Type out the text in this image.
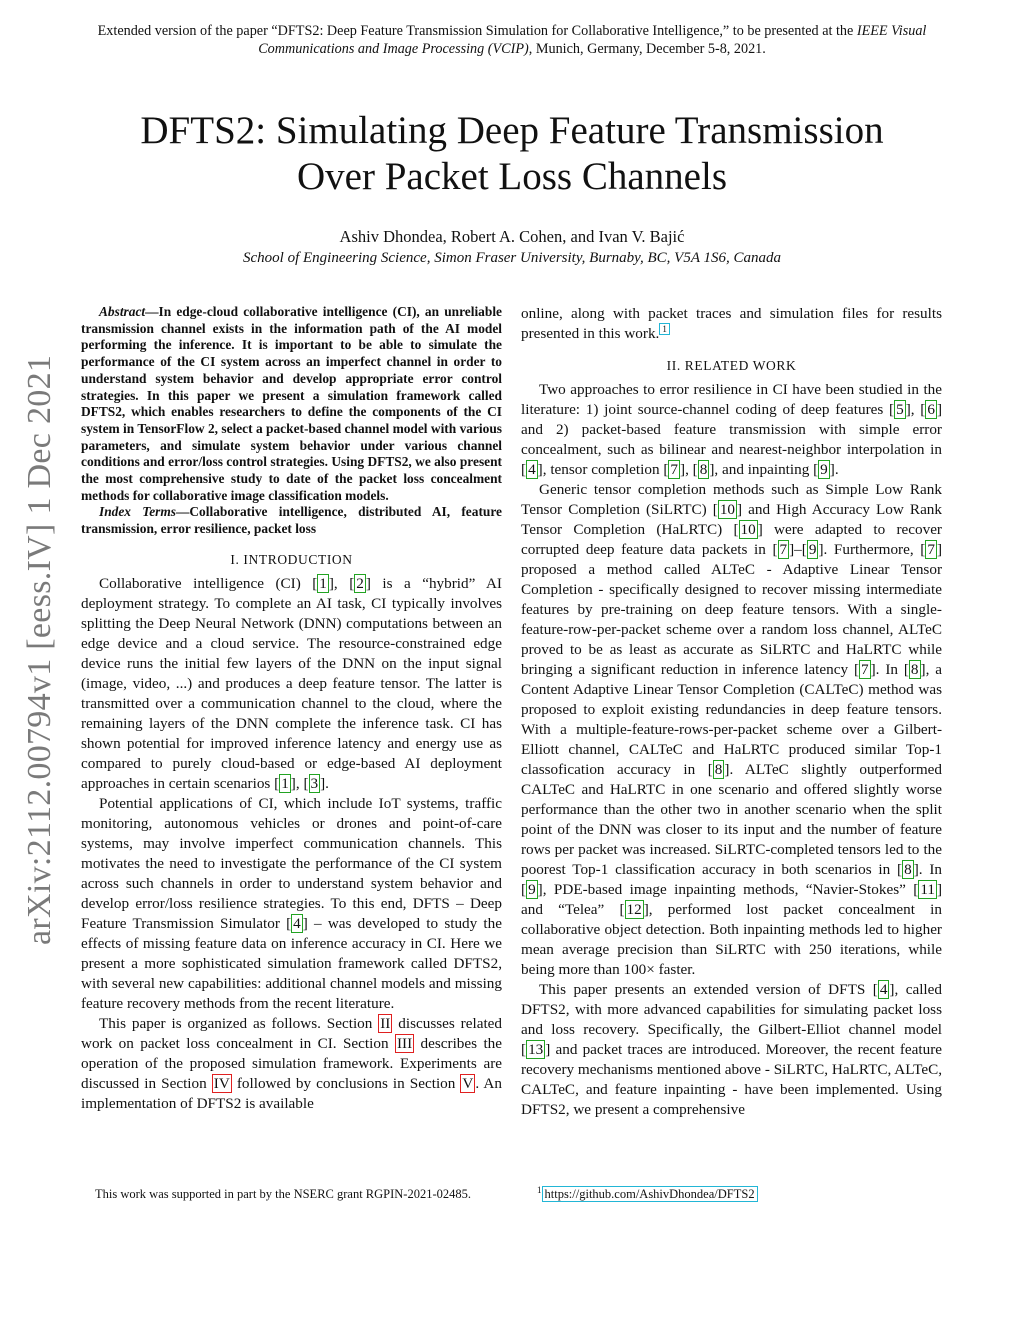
Extended version of the paper “DFTS2: Deep Feature Transmission Simulation for Collaborative Intelligence,” to be presented at the IEEE Visual Communications and Image Processing (VCIP), Munich, Germany, December 5-8, 2021.
DFTS2: Simulating Deep Feature Transmission
Over Packet Loss Channels
Ashiv Dhondea, Robert A. Cohen, and Ivan V. Bajić
School of Engineering Science, Simon Fraser University, Burnaby, BC, V5A 1S6, Canada
arXiv:2112.00794v1 [eess.IV] 1 Dec 2021

Abstract—In edge-cloud collaborative intelligence (CI), an unreliable transmission channel exists in the information path of the AI model performing the inference. It is important to be able to simulate the performance of the CI system across an imperfect channel in order to understand system behavior and develop appropriate error control strategies. In this paper we present a simulation framework called DFTS2, which enables researchers to define the components of the CI system in TensorFlow 2, select a packet-based channel model with various parameters, and simulate system behavior under various channel conditions and error/loss control strategies. Using DFTS2, we also present the most comprehensive study to date of the packet loss concealment methods for collaborative image classification models.

Index Terms—Collaborative intelligence, distributed AI, feature transmission, error resilience, packet loss

I. INTRODUCTION

Collaborative intelligence (CI) [ 1 ], [ 2 ] is a “hybrid” AI deployment strategy. To complete an AI task, CI typically involves splitting the Deep Neural Network (DNN) computations between an edge device and a cloud service. The resource-constrained edge device runs the initial few layers of the DNN on the input signal (image, video, ...) and produces a deep feature tensor. The latter is transmitted over a communication channel to the cloud, where the remaining layers of the DNN complete the inference task. CI has shown potential for improved inference latency and energy use as compared to purely cloud-based or edge-based AI deployment approaches in certain scenarios [ 1 ], [ 3 ].

Potential applications of CI, which include IoT systems, traffic monitoring, autonomous vehicles or drones and point-of-care systems, may involve imperfect communication channels. This motivates the need to investigate the performance of the CI system across such channels in order to understand system behavior and develop error/loss resilience strategies. To this end, DFTS – Deep Feature Transmission Simulator [ 4 ] – was developed to study the effects of missing feature data on inference accuracy in CI. Here we present a more sophisticated simulation framework called DFTS2, with several new capabilities: additional channel models and missing feature recovery methods from the recent literature.

This paper is organized as follows. Section II discusses related work on packet loss concealment in CI. Section III describes the operation of the proposed simulation framework. Experiments are discussed in Section IV followed by conclusions in Section V . An implementation of DFTS2 is available

online, along with packet traces and simulation files for results presented in this work. $^1$

II. RELATED WORK

Two approaches to error resilience in CI have been studied in the literature: 1) joint source-channel coding of deep features [ 5 ], [ 6 ] and 2) packet-based feature transmission with simple error concealment, such as bilinear and nearest-neighbor interpolation in [ 4 ], tensor completion [ 7 ], [ 8 ], and inpainting [ 9 ].

Generic tensor completion methods such as Simple Low Rank Tensor Completion (SiLRTC) [ 10 ] and High Accuracy Low Rank Tensor Completion (HaLRTC) [ 10 ] were adapted to recover corrupted deep feature data packets in [ 7 ]–[ 9 ]. Furthermore, [ 7 ] proposed a method called ALTeC - Adaptive Linear Tensor Completion - specifically designed to recover missing intermediate features by pre-training on deep feature tensors. With a single-feature-row-per-packet scheme over a random loss channel, ALTeC proved to be as least as accurate as SiLRTC and HaLRTC while bringing a significant reduction in inference latency [ 7 ]. In [ 8 ], a Content Adaptive Linear Tensor Completion (CALTeC) method was proposed to exploit existing redundancies in deep feature tensors. With a multiple-feature-rows-per-packet scheme over a Gilbert-Elliott channel, CALTeC and HaLRTC produced similar Top-1 classofication accuracy in [ 8 ]. ALTeC slightly outperformed CALTeC and HaLRTC in one scenario and offered slightly worse performance than the other two in another scenario when the split point of the DNN was closer to its input and the number of feature rows per packet was increased. SiLRTC-completed tensors led to the poorest Top-1 classification accuracy in both scenarios in [ 8 ]. In [ 9 ], PDE-based image inpainting methods, “Navier-Stokes” [ 11 ] and “Telea” [ 12 ], performed lost packet concealment in collaborative object detection. Both inpainting methods led to higher mean average precision than SiLRTC with 250 iterations, while being more than 100× faster.

This paper presents an extended version of DFTS [ 4 ], called DFTS2, with more advanced capabilities for simulating packet loss and loss recovery. Specifically, the Gilbert-Elliot channel model [ 13 ] and packet traces are introduced. Moreover, the recent feature recovery mechanisms mentioned above - SiLRTC, HaLRTC, ALTeC, CALTeC, and feature inpainting - have been implemented. Using DFTS2, we present a comprehensive

This work was supported in part by the NSERC grant RGPIN-2021-02485.	$^1$ https://github.com/AshivDhondea/DFTS2
